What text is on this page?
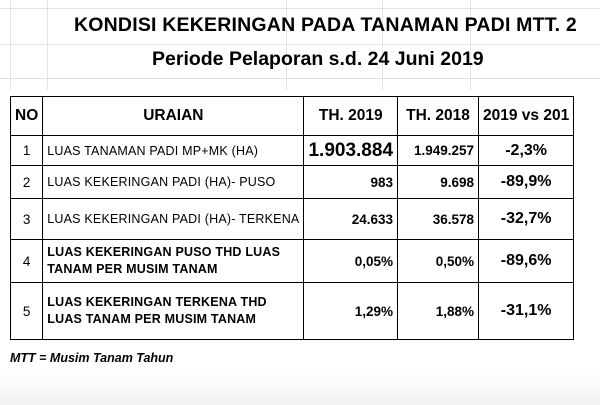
KONDISI KEKERINGAN PADA TANAMAN PADI MTT. 2
Periode Pelaporan s.d. 24 Juni 2019
NO	URAIAN	TH. 2019	TH. 2018	2019 vs 201
1	LUAS TANAMAN PADI MP+MK (HA)	1.903.884	1.949.257	-2,3%
2	LUAS KEKERINGAN PADI (HA)- PUSO	983	9.698	-89,9%
3	LUAS KEKERINGAN PADI (HA)- TERKENA	24.633	36.578	-32,7%
4	LUAS KEKERINGAN PUSO THD LUAS TANAM PER MUSIM TANAM	0,05%	0,50%	-89,6%
5	LUAS KEKERINGAN TERKENA THD LUAS TANAM PER MUSIM TANAM	1,29%	1,88%	-31,1%
MTT = Musim Tanam Tahun
